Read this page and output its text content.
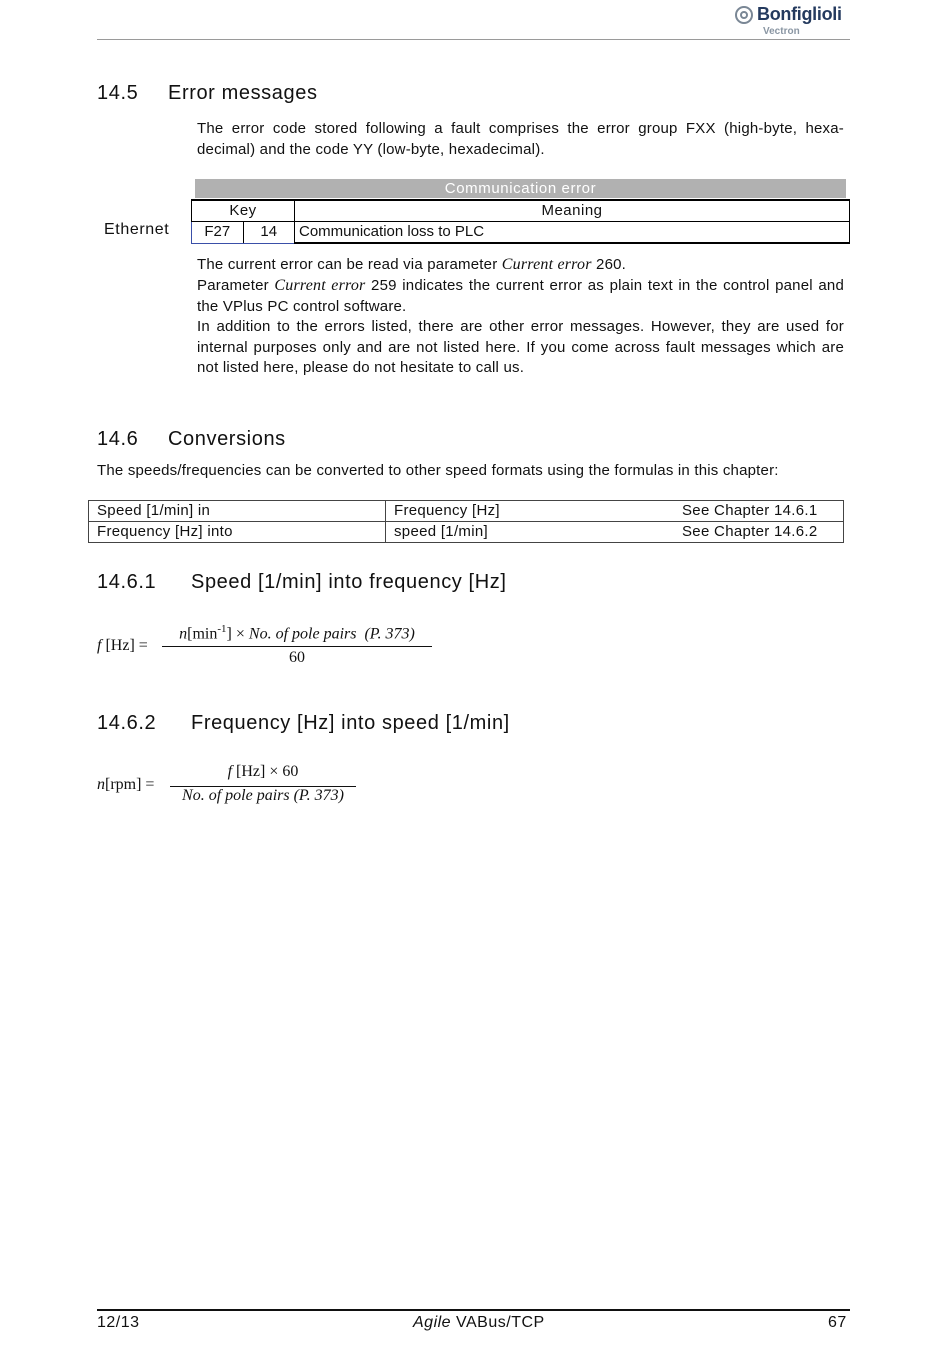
Bonfiglioli
Vectron
14.5 Error messages
The error code stored following a fault comprises the error group FXX (high-byte, hexa-decimal) and the code YY (low-byte, hexadecimal).
Communication error
Ethernet
Key		Meaning
F27	14	Communication loss to PLC
The current error can be read via parameter Current error 260.
Parameter Current error 259 indicates the current error as plain text in the control panel and the VPlus PC control software.
In addition to the errors listed, there are other error messages. However, they are used for internal purposes only and are not listed here. If you come across fault messages which are not listed here, please do not hesitate to call us.
14.6 Conversions
The speeds/frequencies can be converted to other speed formats using the formulas in this chapter:
Speed [1/min] in	Frequency [Hz]	See Chapter 14.6.1
Frequency [Hz] into	speed [1/min]	See Chapter 14.6.2
14.6.1 Speed [1/min] into frequency [Hz]
f [Hz] =
$n[\min^{-1}] \times No$. of pole pairs (P. 373)
60
14.6.2 Frequency [Hz] into speed [1/min]
n[rpm] =
f [Hz] × 60
No. of pole pairs (P. 373)
12/13	Agile VABus/TCP	67
